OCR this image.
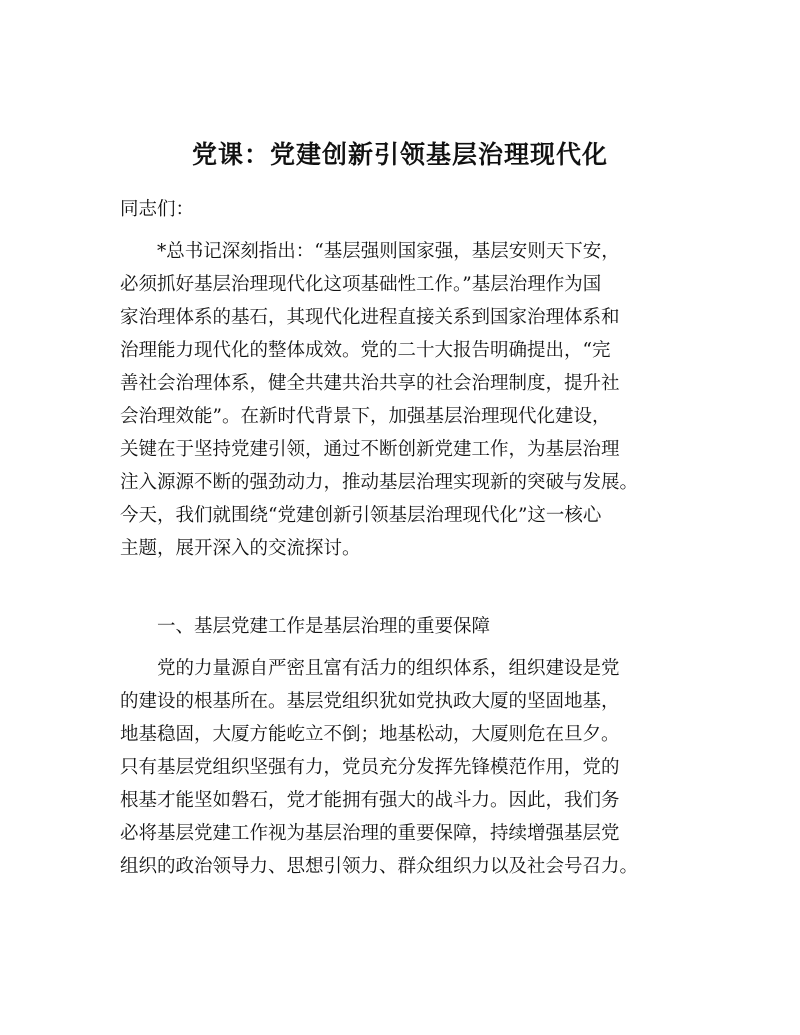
党课：党建创新引领基层治理现代化
同志们：
　　*总书记深刻指出：“基层强则国家强，基层安则天下安，
必须抓好基层治理现代化这项基础性工作。”基层治理作为国
家治理体系的基石，其现代化进程直接关系到国家治理体系和
治理能力现代化的整体成效。党的二十大报告明确提出，“完
善社会治理体系，健全共建共治共享的社会治理制度，提升社
会治理效能”。在新时代背景下，加强基层治理现代化建设，
关键在于坚持党建引领，通过不断创新党建工作，为基层治理
注入源源不断的强劲动力，推动基层治理实现新的突破与发展。
今天，我们就围绕“党建创新引领基层治理现代化”这一核心
主题，展开深入的交流探讨。
　　一、基层党建工作是基层治理的重要保障
　　党的力量源自严密且富有活力的组织体系，组织建设是党
的建设的根基所在。基层党组织犹如党执政大厦的坚固地基，
地基稳固，大厦方能屹立不倒；地基松动，大厦则危在旦夕。
只有基层党组织坚强有力，党员充分发挥先锋模范作用，党的
根基才能坚如磐石，党才能拥有强大的战斗力。因此，我们务
必将基层党建工作视为基层治理的重要保障，持续增强基层党
组织的政治领导力、思想引领力、群众组织力以及社会号召力。
